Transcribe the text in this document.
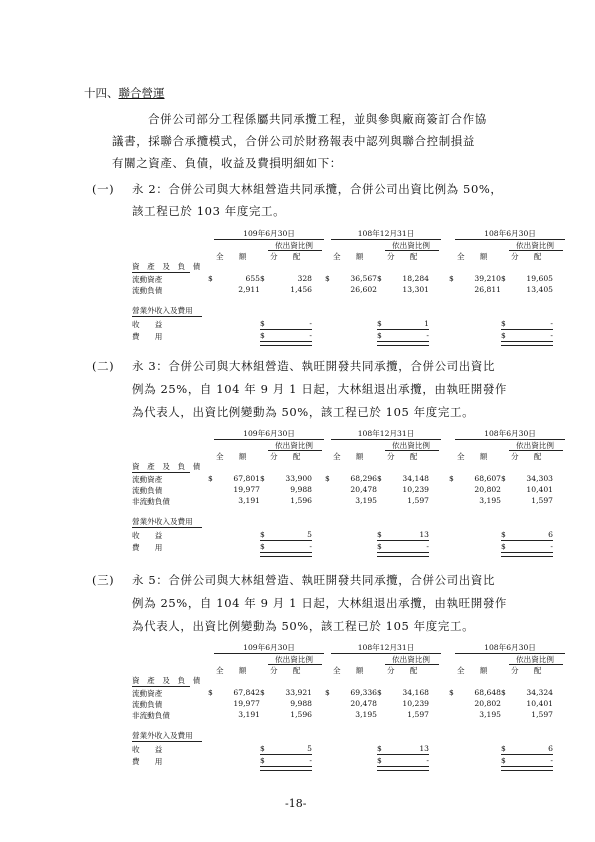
十四、聯合營運
合併公司部分工程係屬共同承攬工程，並與參與廠商簽訂合作協
議書，採聯合承攬模式，合併公司於財務報表中認列與聯合控制損益
有關之資產、負債，收益及費損明細如下：
(一) 永 2：合併公司與大林組營造共同承攬，合併公司出資比例為 50%，
該工程已於 103 年度完工。
109年6月30日
依出資比例
全　　額	分　　配
108年12月31日
依出資比例
全　　額	分　　配
108年6月30日
依出資比例
全　　額	分　　配
資　產　及　負　債
流動資產	$	655 $	328 $	36,567 $	18,284	$	39,210 $	19,605
流動負債	2,911	1,456	26,602	13,301	26,811	13,405
營業外收入及費用
收　　益	$	-	$	1	$	-
費　　用	$	-	$	-	$	-
(二) 永 3：合併公司與大林組營造、執旺開發共同承攬，合併公司出資比
例為 25%，自 104 年 9 月 1 日起，大林組退出承攬，由執旺開發作
為代表人，出資比例變動為 50%，該工程已於 105 年度完工。
109年6月30日
依出資比例
全　　額	分　　配
108年12月31日
依出資比例
全　　額	分　　配
108年6月30日
依出資比例
全　　額	分　　配
資　產　及　負　債
流動資產	$	67,801 $	33,900 $	68,296 $	34,148	$	68,607 $	34,303
流動負債	19,977	9,988	20,478	10,239	20,802	10,401
非流動負債	3,191	1,596	3,195	1,597	3,195	1,597
營業外收入及費用
收　　益	$	5	$	13	$	6
費　　用	$	-	$	-	$	-
(三) 永 5：合併公司與大林組營造、執旺開發共同承攬，合併公司出資比
例為 25%，自 104 年 9 月 1 日起，大林組退出承攬，由執旺開發作
為代表人，出資比例變動為 50%，該工程已於 105 年度完工。
109年6月30日
依出資比例
全　　額	分　　配
108年12月31日
依出資比例
全　　額	分　　配
108年6月30日
依出資比例
全　　額	分　　配
資　產　及　負　債
流動資產	$	67,842 $	33,921 $	69,336 $	34,168	$	68,648 $	34,324
流動負債	19,977	9,988	20,478	10,239	20,802	10,401
非流動負債	3,191	1,596	3,195	1,597	3,195	1,597
營業外收入及費用
收　　益	$	5	$	13	$	6
費　　用	$	-	$	-	$	-
-18-
